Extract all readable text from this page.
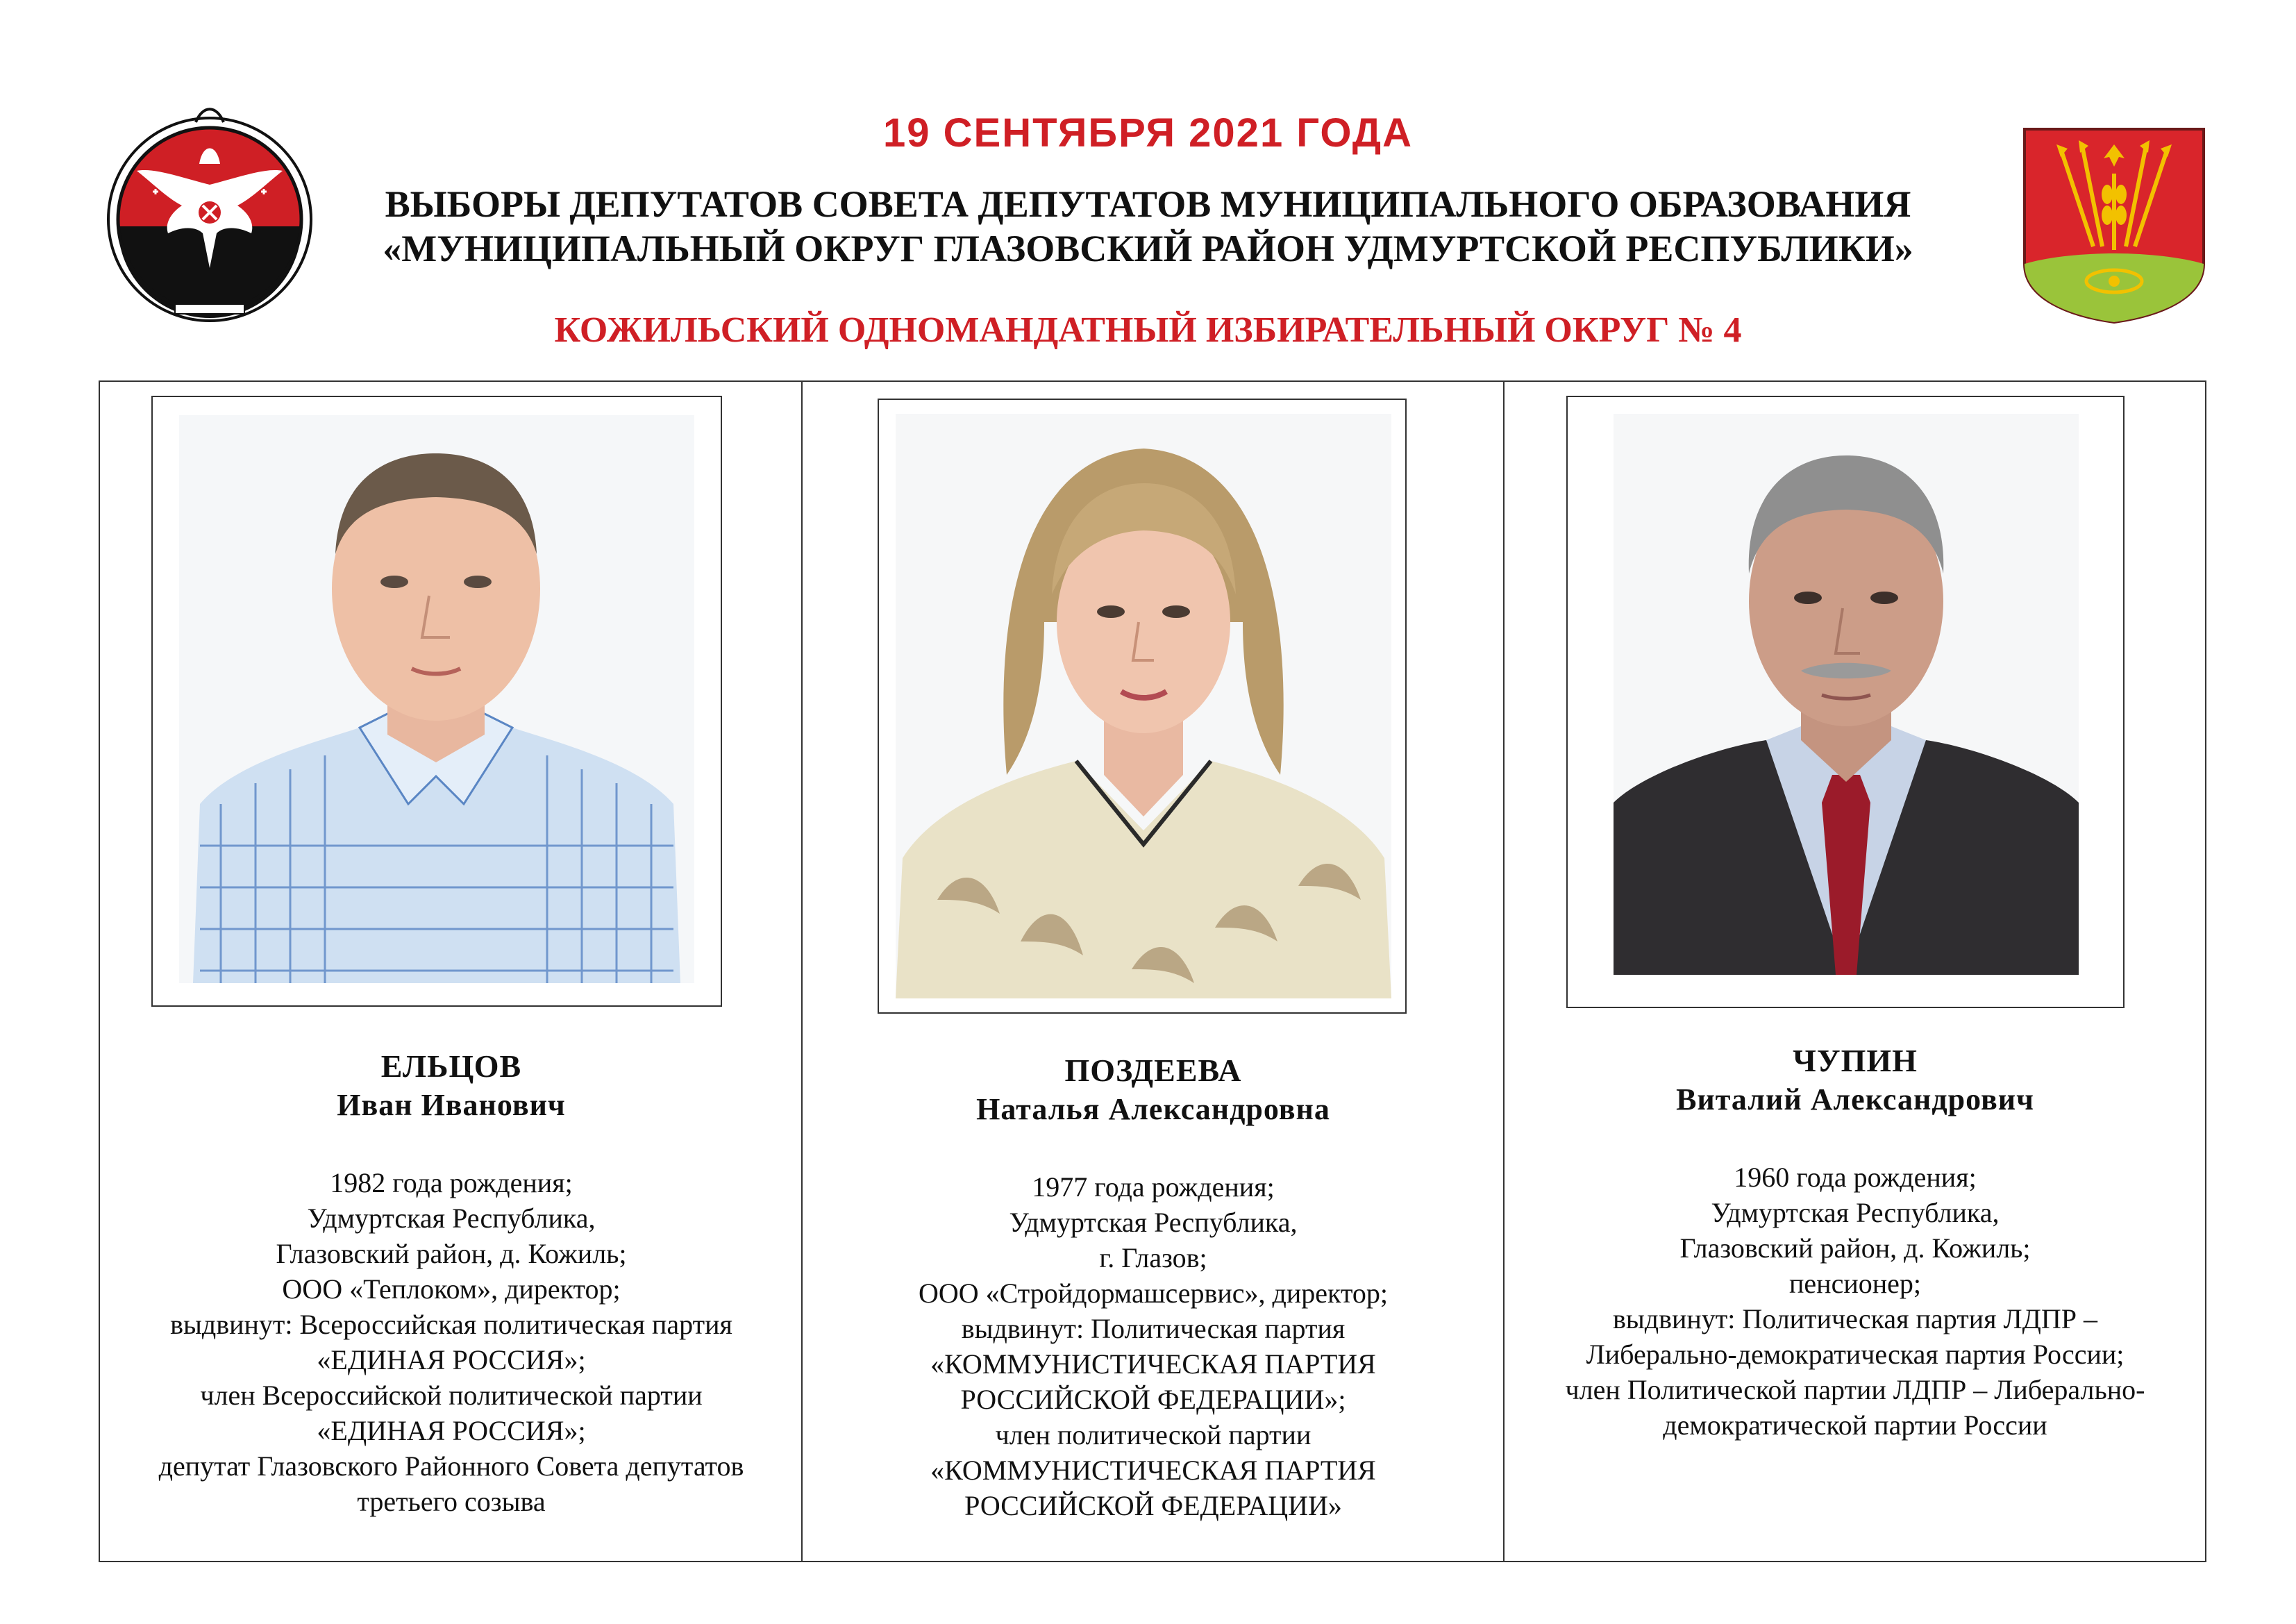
19 СЕНТЯБРЯ 2021 ГОДА
ВЫБОРЫ ДЕПУТАТОВ СОВЕТА ДЕПУТАТОВ МУНИЦИПАЛЬНОГО ОБРАЗОВАНИЯ
«МУНИЦИПАЛЬНЫЙ ОКРУГ ГЛАЗОВСКИЙ РАЙОН УДМУРТСКОЙ РЕСПУБЛИКИ»
КОЖИЛЬСКИЙ ОДНОМАНДАТНЫЙ ИЗБИРАТЕЛЬНЫЙ ОКРУГ № 4
ЕЛЬЦОВ
Иван Иванович
1982 года рождения;
Удмуртская Республика,
Глазовский район, д. Кожиль;
ООО «Теплоком», директор;
выдвинут: Всероссийская политическая партия
«ЕДИНАЯ РОССИЯ»;
член Всероссийской политической партии
«ЕДИНАЯ РОССИЯ»;
депутат Глазовского Районного Совета депутатов
третьего созыва
ПОЗДЕЕВА
Наталья Александровна
1977 года рождения;
Удмуртская Республика,
г. Глазов;
ООО «Стройдормашсервис», директор;
выдвинут: Политическая партия
«КОММУНИСТИЧЕСКАЯ ПАРТИЯ
РОССИЙСКОЙ ФЕДЕРАЦИИ»;
член политической партии
«КОММУНИСТИЧЕСКАЯ ПАРТИЯ
РОССИЙСКОЙ ФЕДЕРАЦИИ»
ЧУПИН
Виталий Александрович
1960 года рождения;
Удмуртская Республика,
Глазовский район, д. Кожиль;
пенсионер;
выдвинут: Политическая партия ЛДПР –
Либерально-демократическая партия России;
член Политической партии ЛДПР – Либерально-
демократической партии России
